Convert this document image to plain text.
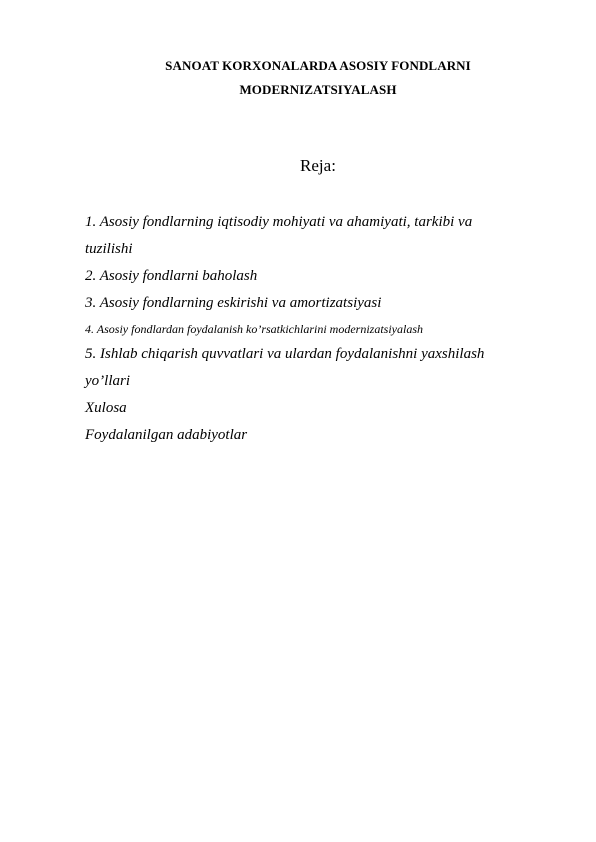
SANOAT KORXONALARDA ASOSIY FONDLARNI
MODERNIZATSIYALASH
Reja:
1. Asosiy fondlarning iqtisodiy mohiyati va ahamiyati, tarkibi va
tuzilishi
2. Asosiy fondlarni baholash
3. Asosiy fondlarning eskirishi va amortizatsiyasi
4. Asosiy fondlardan foydalanish ko’rsatkichlarini modernizatsiyalash
5. Ishlab chiqarish quvvatlari va ulardan foydalanishni yaxshilash
yo’llari
Xulosa
Foydalanilgan adabiyotlar
